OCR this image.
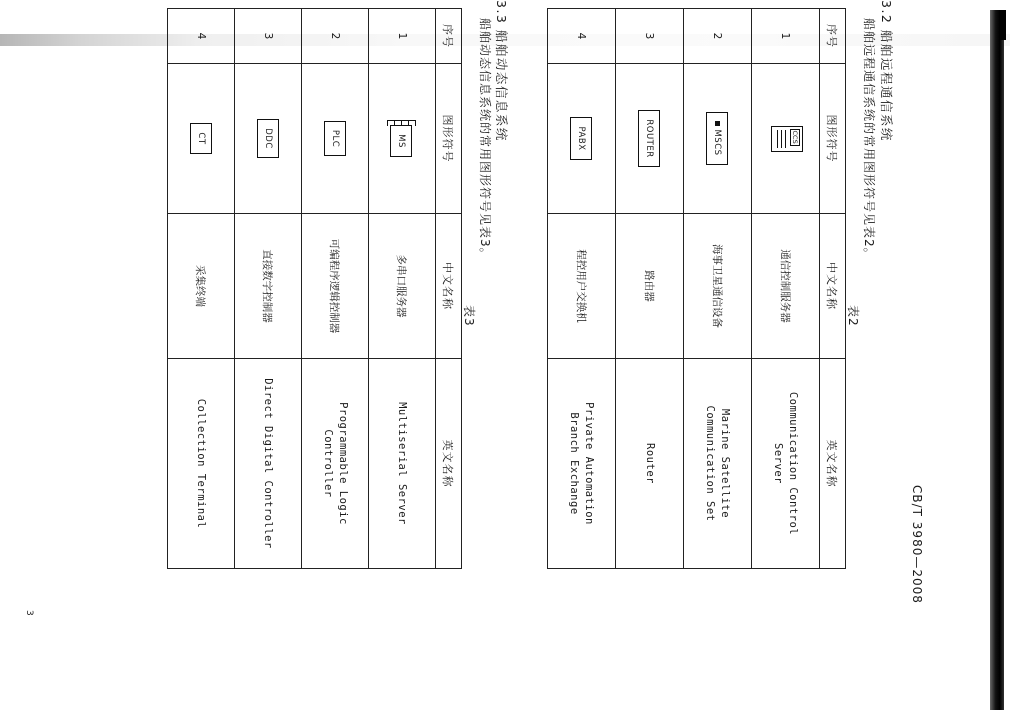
CB/T 3980—2008
3.2 船舶远程通信系统
船舶远程通信系统的常用图形符号见表2。
表2
序号	图形符号	中文名称	英文名称
1	CCS	通信控制服务器	Communication Control
Server

2	MSCS	海事卫星通信设备	Marine Satellite
Communication Set

3	ROUTER	路由器	Router

4	PABX	程控用户交换机	Private Automation
Branch Exchange
3.3 船舶动态信息系统
船舶动态信息系统的常用图形符号见表3。
表3
序号	图形符号	中文名称	英文名称
1	MS	多串口服务器	Multiserial Server

2	PLC	可编程序逻辑控制器	Programmable Logic
Controller

3	DDC	直接数字控制器	Direct Digital Controller

4	CT	采集终端	Collection Terminal
3
